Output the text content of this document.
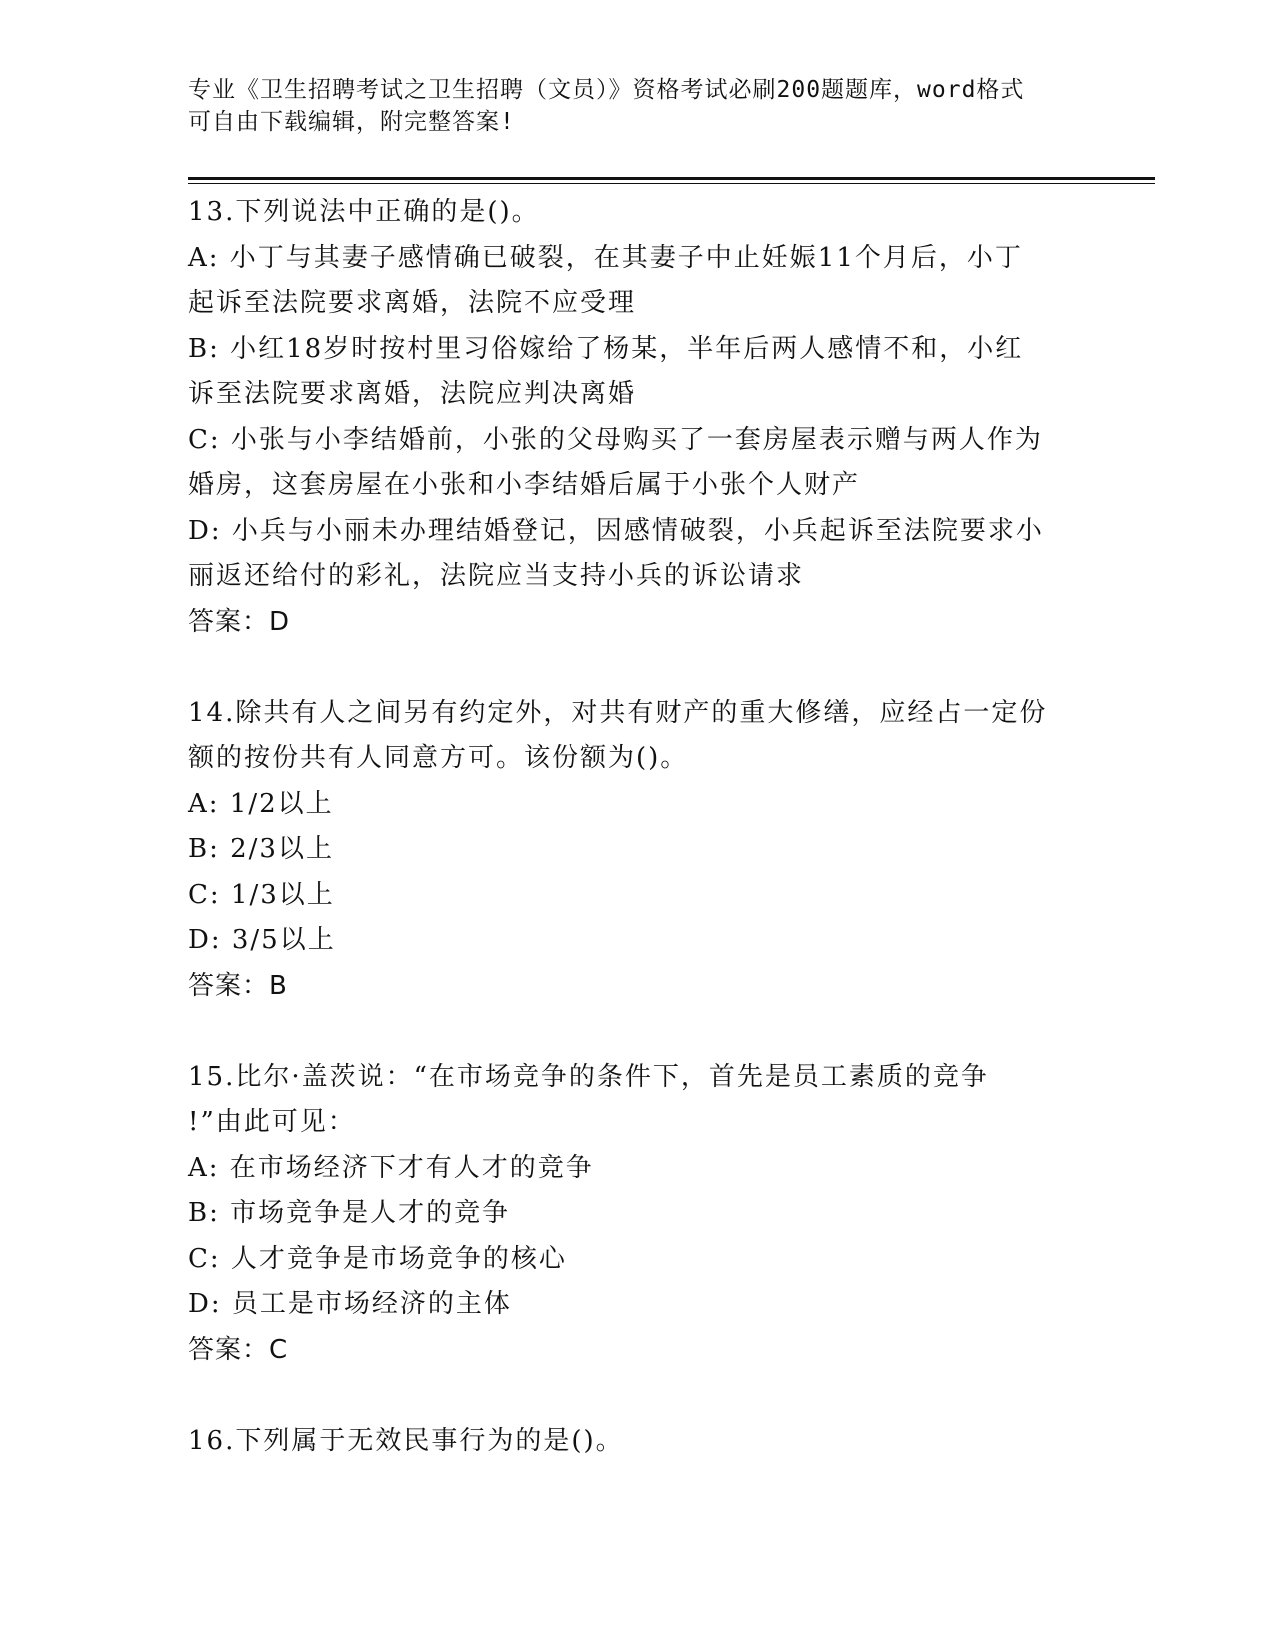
专业《卫生招聘考试之卫生招聘（文员）》资格考试必刷200题题库，word格式
可自由下载编辑，附完整答案!
13.下列说法中正确的是()。
A: 小丁与其妻子感情确已破裂，在其妻子中止妊娠11个月后，小丁
起诉至法院要求离婚，法院不应受理
B: 小红18岁时按村里习俗嫁给了杨某，半年后两人感情不和，小红
诉至法院要求离婚，法院应判决离婚
C: 小张与小李结婚前，小张的父母购买了一套房屋表示赠与两人作为
婚房，这套房屋在小张和小李结婚后属于小张个人财产
D: 小兵与小丽未办理结婚登记，因感情破裂，小兵起诉至法院要求小
丽返还给付的彩礼，法院应当支持小兵的诉讼请求
答案：D
14.除共有人之间另有约定外，对共有财产的重大修缮，应经占一定份
额的按份共有人同意方可。该份额为()。
A: 1/2以上
B: 2/3以上
C: 1/3以上
D: 3/5以上
答案：B
15.比尔·盖茨说：“在市场竞争的条件下，首先是员工素质的竞争
!”由此可见：
A: 在市场经济下才有人才的竞争
B: 市场竞争是人才的竞争
C: 人才竞争是市场竞争的核心
D: 员工是市场经济的主体
答案：C
16.下列属于无效民事行为的是()。
